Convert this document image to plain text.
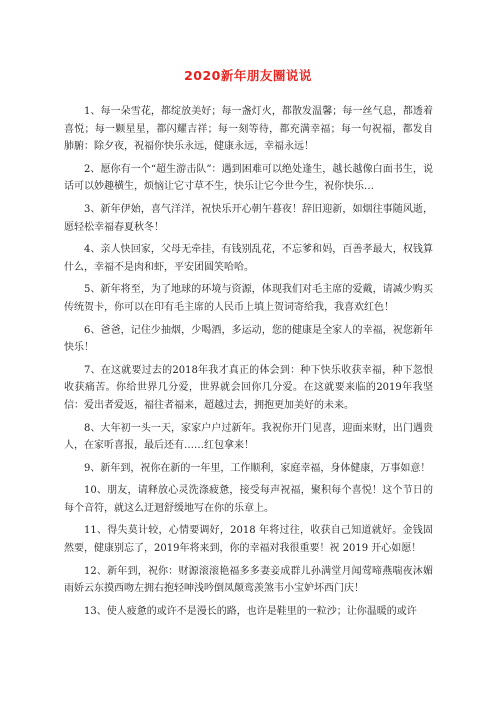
2020新年朋友圈说说

1、每一朵雪花，都绽放美好；每一盏灯火，都散发温馨；每一丝气息，都透着喜悦；每一颗星星，都闪耀吉祥；每一刻等待，都充满幸福；每一句祝福，都发自肺腑：除夕夜，祝福你快乐永远，健康永远，幸福永远！

2、愿你有一个“超生游击队”：遇到困难可以绝处逢生，越长越像白面书生，说话可以妙趣横生，烦恼让它寸草不生，快乐让它今世今生，祝你快乐…

3、新年伊始，喜气洋洋，祝快乐开心朝午暮夜！辞旧迎新，如烟往事随风逝，愿轻松幸福春夏秋冬！

4、亲人快回家，父母无牵挂，有钱别乱花，不忘爹和妈，百善孝最大，权钱算什么，幸福不是肉和虾，平安团圆笑哈哈。

5、新年将至，为了地球的环境与资源，体现我们对毛主席的爱戴，请减少购买传统贺卡，你可以在印有毛主席的人民币上填上贺词寄给我，我喜欢红色！

6、爸爸，记住少抽烟，少喝酒，多运动，您的健康是全家人的幸福，祝您新年快乐！

7、在这就要过去的2018年我才真正的体会到：种下快乐收获幸福，种下忽恨收获痛苦。你给世界几分爱，世界就会回你几分爱。在这就要来临的2019年我坚信：爱出者爱返，福往者福来，超越过去，拥抱更加美好的未来。

8、大年初一头一天，家家户户过新年。我祝你开门见喜，迎面来财，出门遇贵人，在家听喜报，最后还有……红包拿来！

9、新年到，祝你在新的一年里，工作顺利，家庭幸福，身体健康，万事如意！

10、朋友，请释放心灵洗涤疲惫，接受每声祝福，聚积每个喜悦！这个节日的每个音符，就这么迂迴舒缓地写在你的乐章上。

11、得失莫计较，心情要调好，2018 年将过往，收获自己知道就好。金钱固然要，健康别忘了，2019年将来到，你的幸福对我很重要！祝 2019 开心如愿！

12、新年到，祝你：财源滚滚艳福多多妻妾成群儿孙满堂月闻莺啼燕喘夜沐媚雨娇云东摸西吻左拥右抱轻呻浅吟倒凤颠鸾羡煞韦小宝妒坏西门庆！

13、使人疲惫的或许不是漫长的路，也许是鞋里的一粒沙；让你温暖的或许
